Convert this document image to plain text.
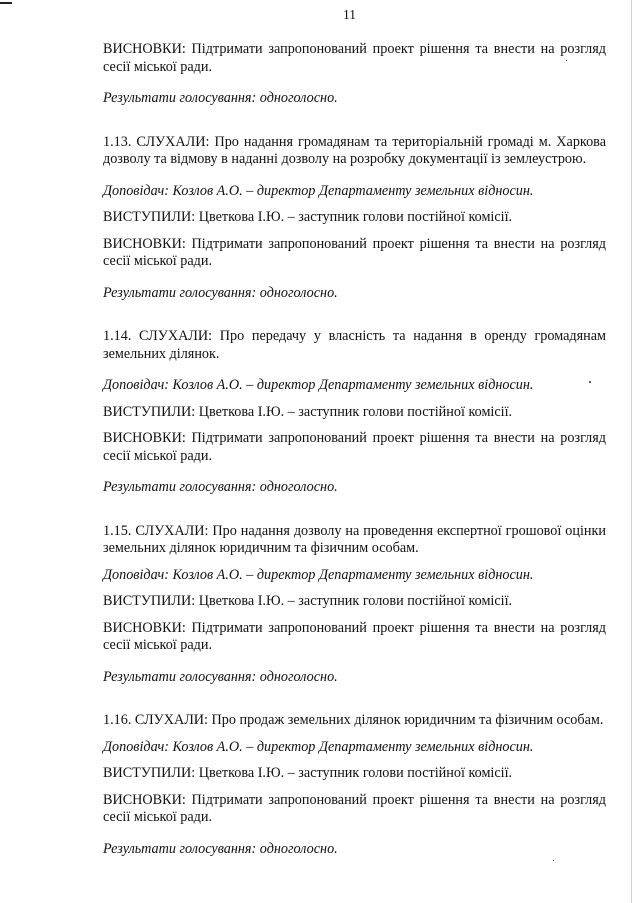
11

ВИСНОВКИ: Підтримати запропонований проект рішення та внести на розгляд сесії міської ради.

Результати голосування: одноголосно.

1.13. СЛУХАЛИ: Про надання громадянам та територіальній громаді м. Харкова дозволу та відмову в наданні дозволу на розробку документації із землеустрою.

Доповідач: Козлов А.О. – директор Департаменту земельних відносин.

ВИСТУПИЛИ: Цветкова І.Ю. – заступник голови постійної комісії.

ВИСНОВКИ: Підтримати запропонований проект рішення та внести на розгляд сесії міської ради.

Результати голосування: одноголосно.

1.14. СЛУХАЛИ: Про передачу у власність та надання в оренду громадянам земельних ділянок.

Доповідач: Козлов А.О. – директор Департаменту земельних відносин.

ВИСТУПИЛИ: Цветкова І.Ю. – заступник голови постійної комісії.

ВИСНОВКИ: Підтримати запропонований проект рішення та внести на розгляд сесії міської ради.

Результати голосування: одноголосно.

1.15. СЛУХАЛИ: Про надання дозволу на проведення експертної грошової оцінки земельних ділянок юридичним та фізичним особам.

Доповідач: Козлов А.О. – директор Департаменту земельних відносин.

ВИСТУПИЛИ: Цветкова І.Ю. – заступник голови постійної комісії.

ВИСНОВКИ: Підтримати запропонований проект рішення та внести на розгляд сесії міської ради.

Результати голосування: одноголосно.

1.16. СЛУХАЛИ: Про продаж земельних ділянок юридичним та фізичним особам.

Доповідач: Козлов А.О. – директор Департаменту земельних відносин.

ВИСТУПИЛИ: Цветкова І.Ю. – заступник голови постійної комісії.

ВИСНОВКИ: Підтримати запропонований проект рішення та внести на розгляд сесії міської ради.

Результати голосування: одноголосно.
